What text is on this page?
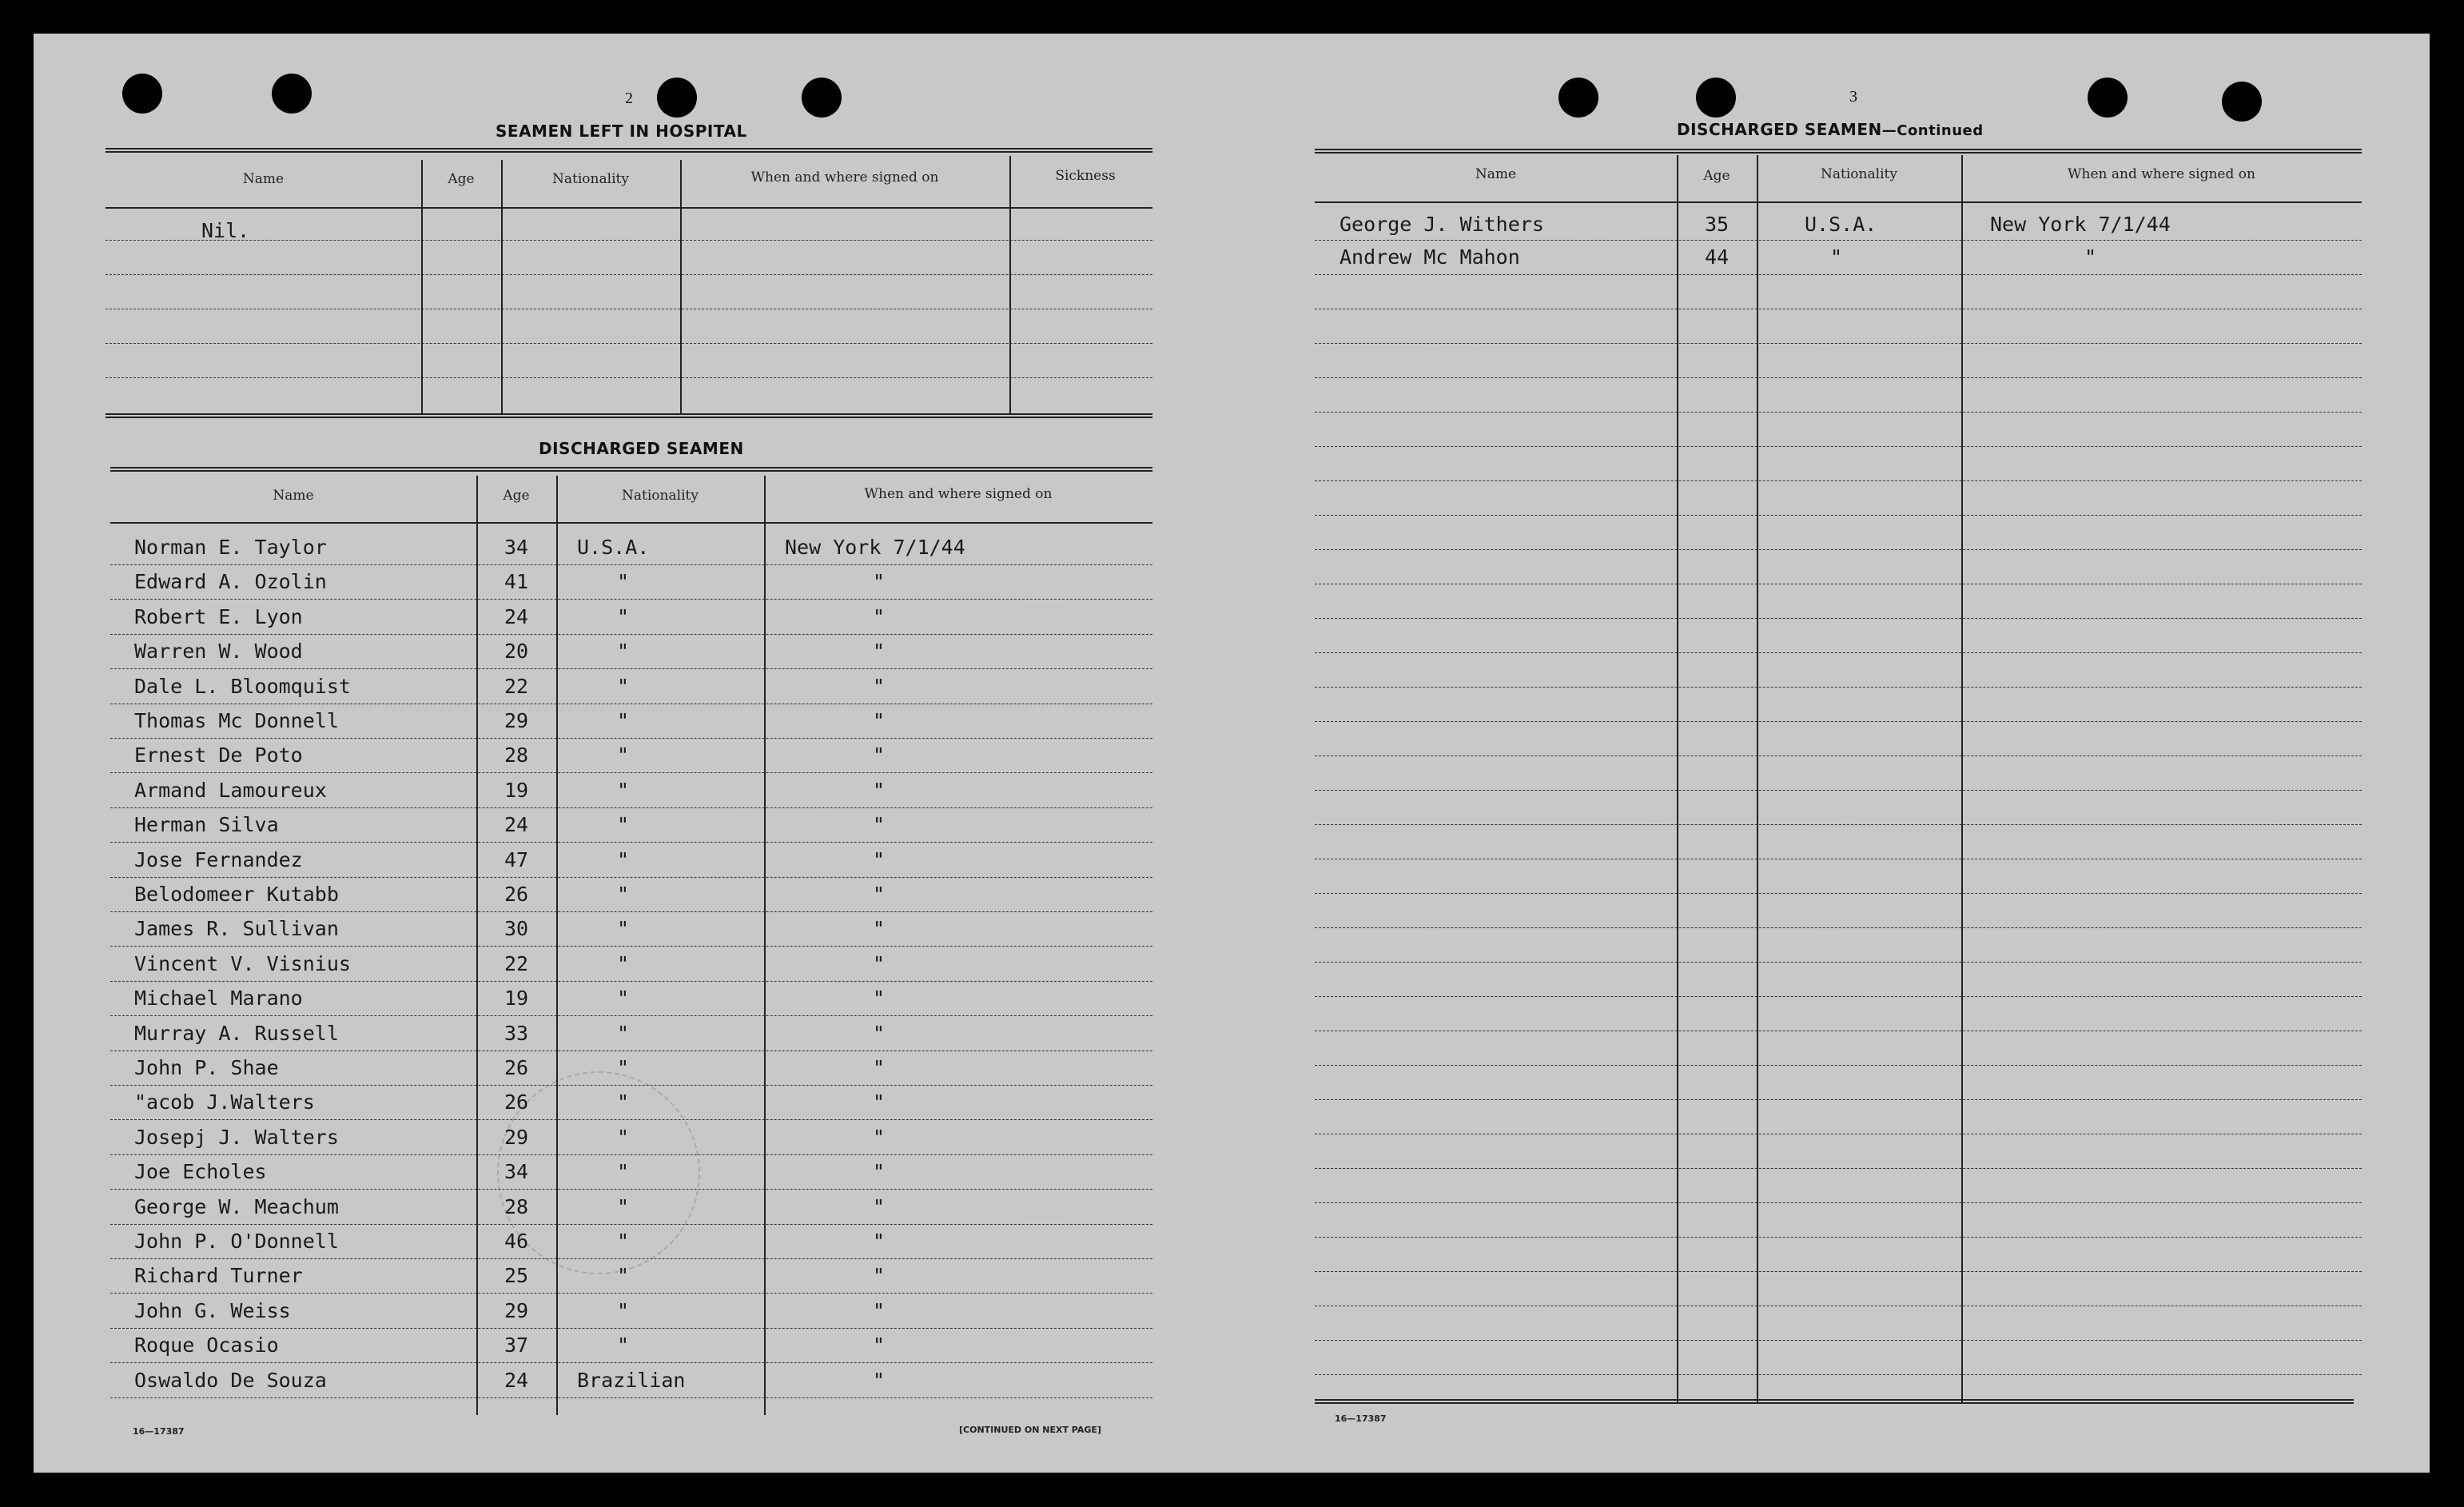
2
SEAMEN LEFT IN HOSPITAL
Name	Age	Nationality	When and where signed on	Sickness
Nil.
DISCHARGED SEAMEN
Name	Age	Nationality	When and where signed on
Norman E. Taylor	34	U.S.A.	New York 7/1/44
Edward A. Ozolin	41	"	"
Robert E. Lyon	24	"	"
Warren W. Wood	20	"	"
Dale L. Bloomquist	22	"	"
Thomas Mc Donnell	29	"	"
Ernest De Poto	28	"	"
Armand Lamoureux	19	"	"
Herman Silva	24	"	"
Jose Fernandez	47	"	"
Belodomeer Kutabb	26	"	"
James R. Sullivan	30	"	"
Vincent V. Visnius	22	"	"
Michael Marano	19	"	"
Murray A. Russell	33	"	"
John P. Shae	26	"	"
"acob J.Walters	26	"	"
Josepj J. Walters	29	"	"
Joe Echoles	34	"	"
George W. Meachum	28	"	"
John P. O'Donnell	46	"	"
Richard Turner	25	"	"
John G. Weiss	29	"	"
Roque Ocasio	37	"	"
Oswaldo De Souza	24	Brazilian	"
16—17387	[CONTINUED ON NEXT PAGE]
3
DISCHARGED SEAMEN—Continued
Name	Age	Nationality	When and where signed on
George J. Withers	35	U.S.A.	New York 7/1/44
Andrew Mc Mahon	44	"	"
16—17387
